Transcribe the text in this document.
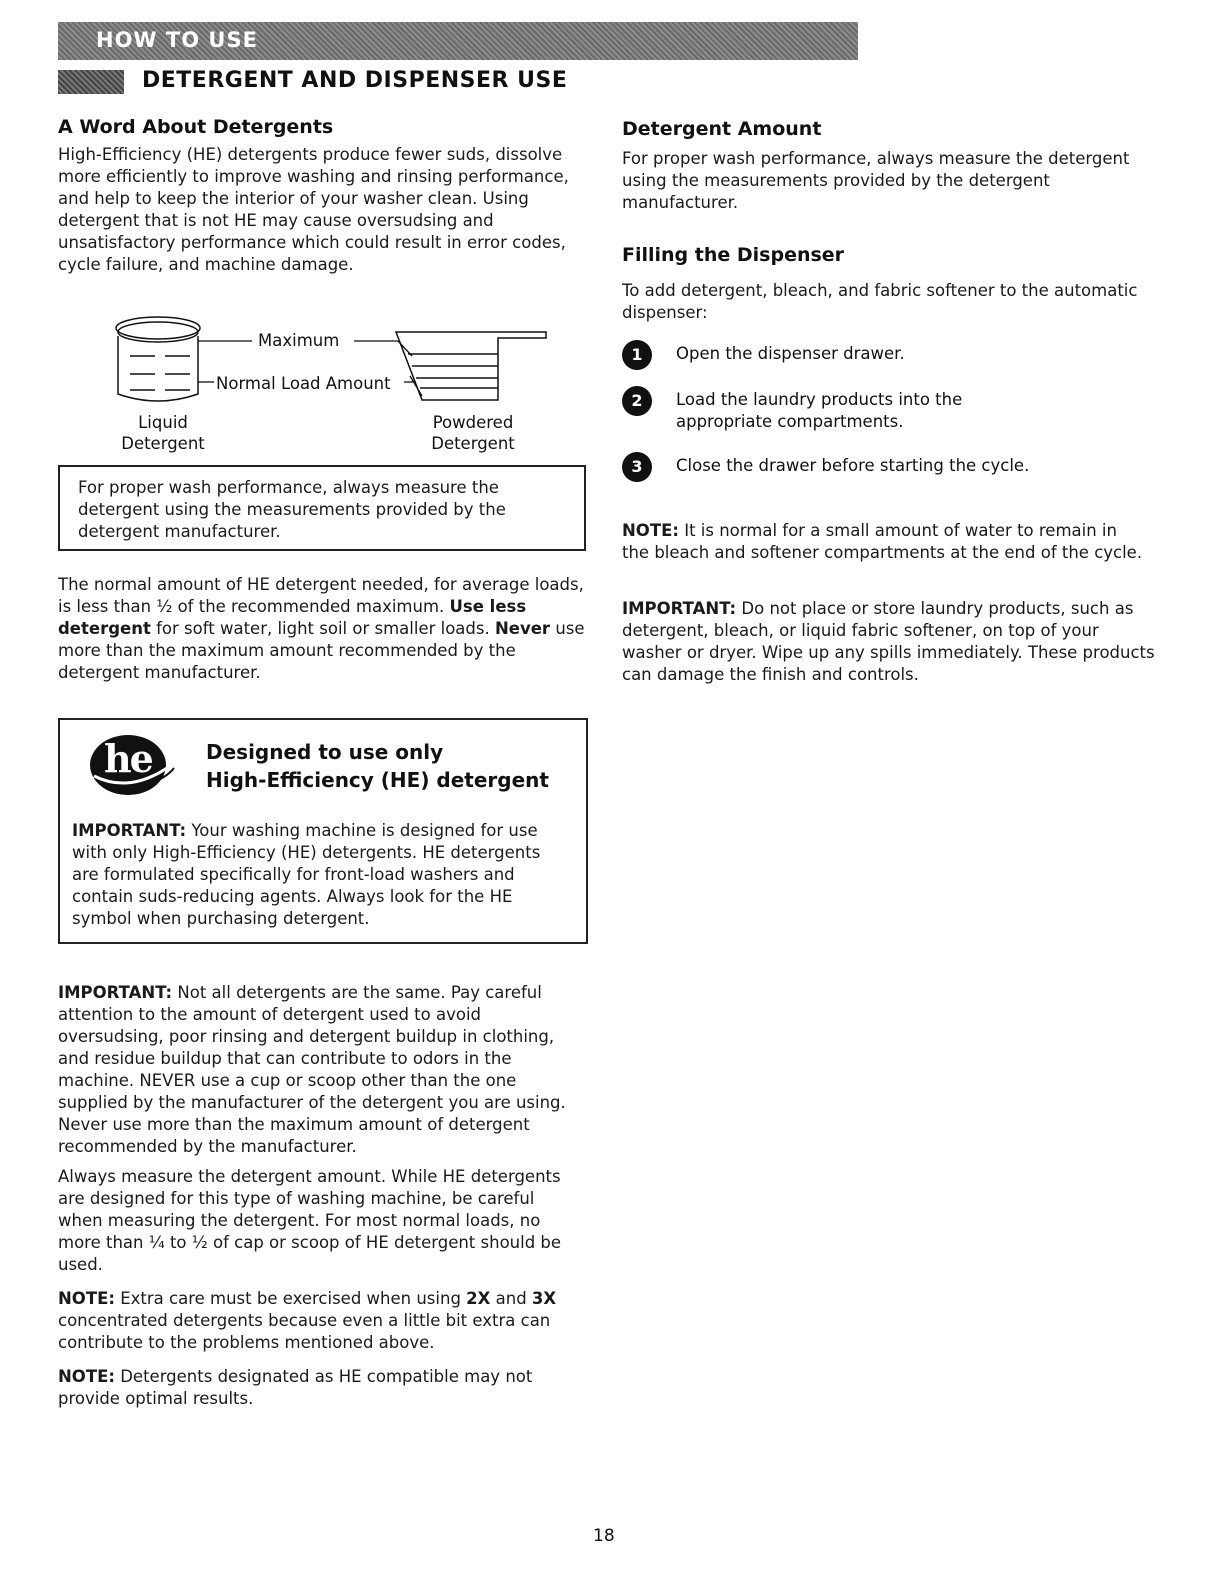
HOW TO USE
DETERGENT AND DISPENSER USE
A Word About Detergents
High-Efficiency (HE) detergents produce fewer suds, dissolve more efficiently to improve washing and rinsing performance, and help to keep the interior of your washer clean. Using detergent that is not HE may cause oversudsing and unsatisfactory performance which could result in error codes, cycle failure, and machine damage.
Maximum
Normal Load Amount
Liquid
Detergent
Powdered
Detergent
For proper wash performance, always measure the detergent using the measurements provided by the detergent manufacturer.
The normal amount of HE detergent needed, for average loads, is less than ½ of the recommended maximum. Use less detergent for soft water, light soil or smaller loads. Never use more than the maximum amount recommended by the detergent manufacturer.
he	Designed to use only
High-Efficiency (HE) detergent
IMPORTANT: Your washing machine is designed for use with only High-Efficiency (HE) detergents. HE detergents are formulated specifically for front-load washers and contain suds-reducing agents. Always look for the HE symbol when purchasing detergent.
IMPORTANT: Not all detergents are the same. Pay careful attention to the amount of detergent used to avoid oversudsing, poor rinsing and detergent buildup in clothing, and residue buildup that can contribute to odors in the machine. NEVER use a cup or scoop other than the one supplied by the manufacturer of the detergent you are using. Never use more than the maximum amount of detergent recommended by the manufacturer.
Always measure the detergent amount. While HE detergents are designed for this type of washing machine, be careful when measuring the detergent. For most normal loads, no more than ¼ to ½ of cap or scoop of HE detergent should be used.
NOTE: Extra care must be exercised when using 2X and 3X concentrated detergents because even a little bit extra can contribute to the problems mentioned above.
NOTE: Detergents designated as HE compatible may not provide optimal results.
Detergent Amount
For proper wash performance, always measure the detergent using the measurements provided by the detergent manufacturer.
Filling the Dispenser
To add detergent, bleach, and fabric softener to the automatic dispenser:
1	Open the dispenser drawer.
2	Load the laundry products into the appropriate compartments.
3	Close the drawer before starting the cycle.
NOTE: It is normal for a small amount of water to remain in the bleach and softener compartments at the end of the cycle.
IMPORTANT: Do not place or store laundry products, such as detergent, bleach, or liquid fabric softener, on top of your washer or dryer. Wipe up any spills immediately. These products can damage the finish and controls.
18
